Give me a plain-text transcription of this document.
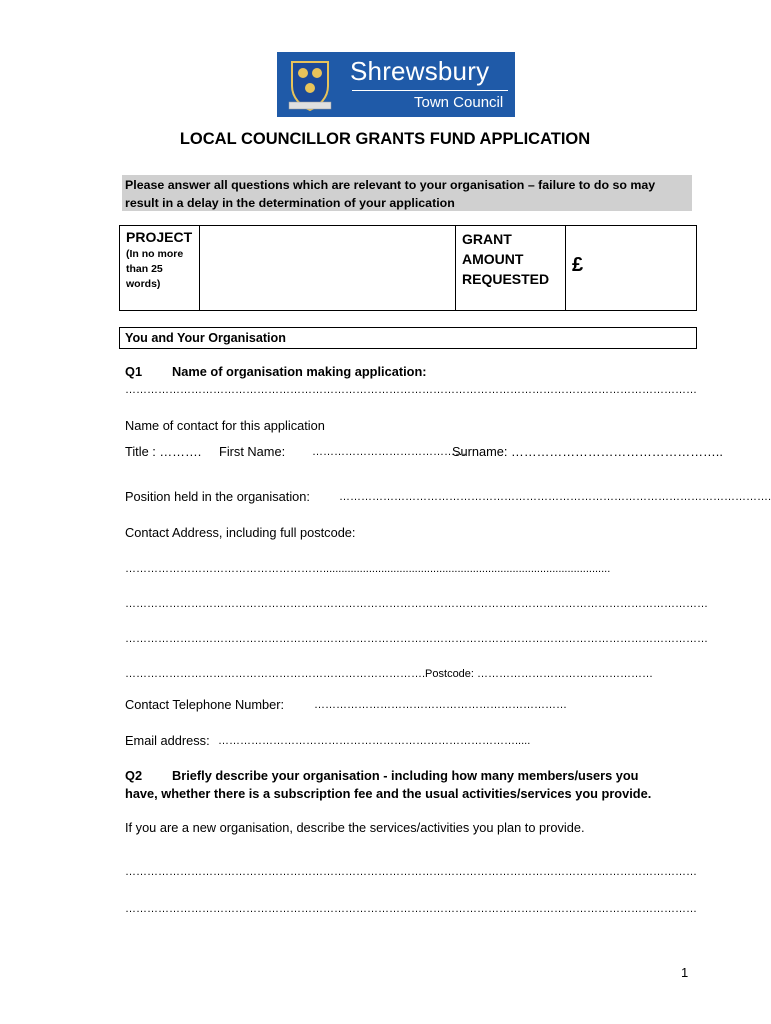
Shrewsbury
Town Council
LOCAL COUNCILLOR GRANTS FUND APPLICATION
Please answer all questions which are relevant to your organisation – failure to do so may result in a delay in the determination of your application
PROJECT
(In no more than 25 words)
GRANT AMOUNT REQUESTED
£
You and Your Organisation
Q1 Name of organisation making application:
…………………………………………………………………………………………………………………………………………
Name of contact for this application
Title : ………. First Name: ……………………………………
Surname: …………………………………………..
Position held in the organisation:	……………………………………………………………………………………………………….
Contact Address, including full postcode:
………………………………………………..............................................................................................
……………………………………………………………………………………………………………………………………………
……………………………………………………………………………………………………………………………………………
……………………………………………………………………….Postcode: …………………………………………
Contact Telephone Number:	……………………………………………………………
Email address: ……………………………………………………………………….....
Q2 Briefly describe your organisation - including how many members/users you
have, whether there is a subscription fee and the usual activities/services you provide.
If you are a new organisation, describe the services/activities you plan to provide.
…………………………………………………………………………………………………………………………………………
…………………………………………………………………………………………………………………………………………
1
